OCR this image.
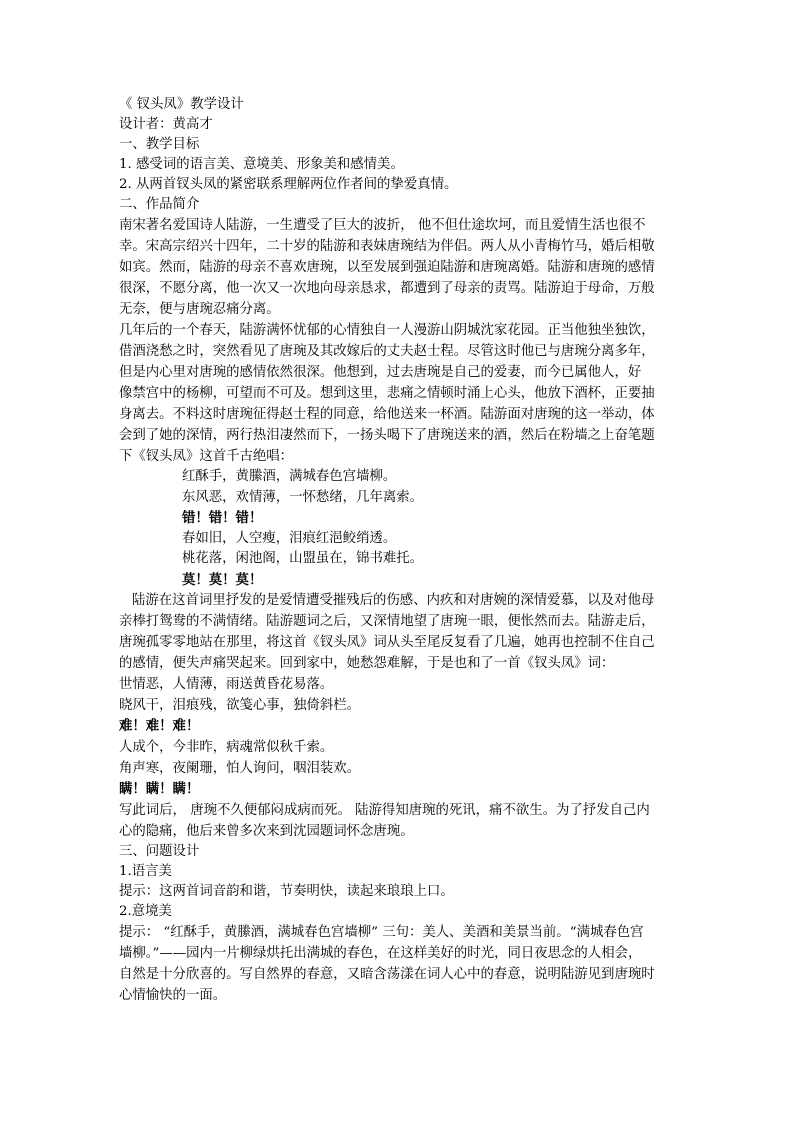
《 钗头凤》教学设计
设计者：黄高才
一、教学目标
1. 感受词的语言美、意境美、形象美和感情美。
2. 从两首钗头凤的紧密联系理解两位作者间的挚爱真情。
二、作品简介
南宋著名爱国诗人陆游，一生遭受了巨大的波折， 他不但仕途坎坷，而且爱情生活也很不
幸。宋高宗绍兴十四年，二十岁的陆游和表妹唐琬结为伴侣。两人从小青梅竹马，婚后相敬
如宾。然而，陆游的母亲不喜欢唐琬，以至发展到强迫陆游和唐琬离婚。陆游和唐琬的感情
很深，不愿分离，他一次又一次地向母亲恳求，都遭到了母亲的责骂。陆游迫于母命，万般
无奈，便与唐琬忍痛分离。
几年后的一个春天，陆游满怀忧郁的心情独自一人漫游山阴城沈家花园。正当他独坐独饮，
借酒浇愁之时，突然看见了唐琬及其改嫁后的丈夫赵士程。尽管这时他已与唐琬分离多年，
但是内心里对唐琬的感情依然很深。他想到，过去唐琬是自己的爱妻，而今已属他人，好
像禁宫中的杨柳，可望而不可及。想到这里，悲痛之情顿时涌上心头，他放下酒杯，正要抽
身离去。不料这时唐琬征得赵士程的同意，给他送来一杯酒。陆游面对唐琬的这一举动，体
会到了她的深情，两行热泪凄然而下，一扬头喝下了唐琬送来的酒，然后在粉墙之上奋笔题
下《钗头凤》这首千古绝唱：
红酥手，黄縢酒，满城春色宫墙柳。
东风恶，欢情薄，一怀愁绪，几年离索。
错！错！错！
春如旧，人空瘦，泪痕红浥鲛绡透。
桃花落，闲池阁，山盟虽在，锦书难托。
莫！莫！莫！
陆游在这首词里抒发的是爱情遭受摧残后的伤感、内疚和对唐婉的深情爱慕，以及对他母
亲棒打鸳鸯的不满情绪。陆游题词之后，又深情地望了唐琬一眼，便怅然而去。陆游走后，
唐琬孤零零地站在那里，将这首《钗头凤》词从头至尾反复看了几遍，她再也控制不住自己
的感情，便失声痛哭起来。回到家中，她愁怨难解，于是也和了一首《钗头凤》词：
世情恶，人情薄，雨送黄昏花易落。
晓风干，泪痕残，欲笺心事，独倚斜栏。
难！难！难！
人成个，今非昨，病魂常似秋千索。
角声寒，夜阑珊，怕人询问，咽泪装欢。
瞒！瞒！瞒！
写此词后， 唐琬不久便郁闷成病而死。 陆游得知唐琬的死讯，痛不欲生。为了抒发自己内
心的隐痛，他后来曾多次来到沈园题词怀念唐琬。
三、问题设计
1.语言美
提示：这两首词音韵和谐，节奏明快，读起来琅琅上口。
2.意境美
提示： “红酥手，黄縢酒，满城春色宫墙柳” 三句：美人、美酒和美景当前。“满城春色宫
墙柳。”——园内一片柳绿烘托出满城的春色，在这样美好的时光，同日夜思念的人相会，
自然是十分欣喜的。写自然界的春意，又暗含荡漾在词人心中的春意，说明陆游见到唐琬时
心情愉快的一面。
